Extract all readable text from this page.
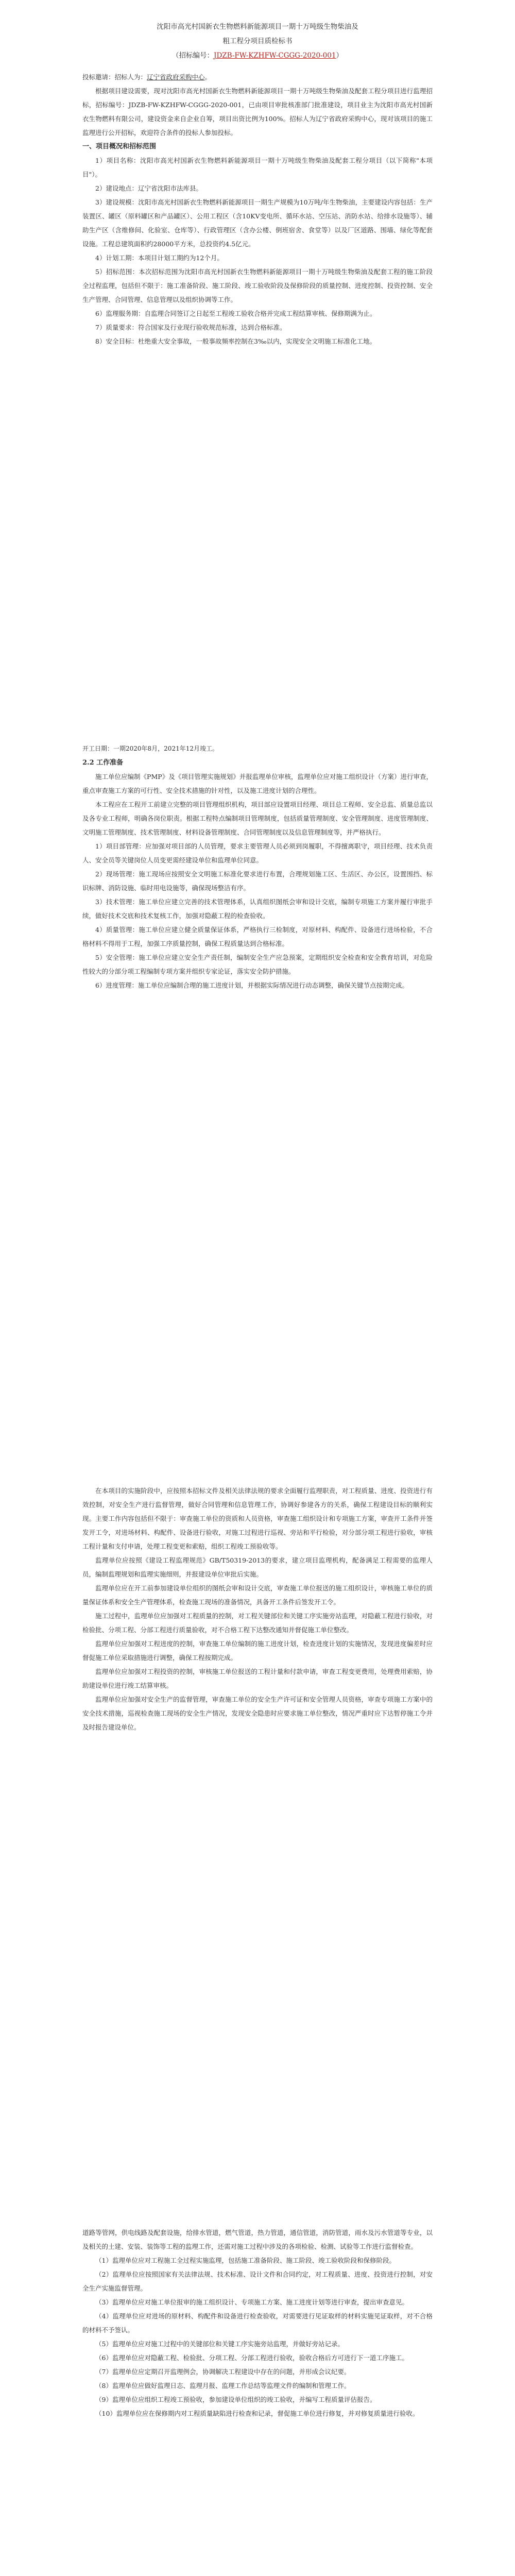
沈阳市高光村国新衣生物燃料新能源项目一期十万吨级生物柴油及

粗工程分项目质检标书

（招标编号：JDZB-FW-KZHFW-CGGG-2020-001）

投标邀请：招标人为：辽宁省政府采购中心。

根据项目建设需要，现对沈阳市高光村国新衣生物燃料新能源项目一期十万吨级生物柴油及配套工程分项目进行监理招标，招标编号：JDZB-FW-KZHFW-CGGG-2020-001，已由项目审批核准部门批准建设，项目业主为沈阳市高光村国新衣生物燃料有限公司，建设资金来自企业自筹，项目出资比例为100%。招标人为辽宁省政府采购中心，现对该项目的施工监理进行公开招标，欢迎符合条件的投标人参加投标。

一、项目概况和招标范围

1）项目名称：沈阳市高光村国新衣生物燃料新能源项目一期十万吨级生物柴油及配套工程分项目（以下简称"本项目"）。

2）建设地点：辽宁省沈阳市法库县。

3）建设规模：沈阳市高光村国新衣生物燃料新能源项目一期生产规模为10万吨/年生物柴油，主要建设内容包括：生产装置区、罐区（原料罐区和产品罐区）、公用工程区（含10KV变电所、循环水站、空压站、消防水站、给排水设施等）、辅助生产区（含维修间、化验室、仓库等）、行政管理区（含办公楼、倒班宿舍、食堂等）以及厂区道路、围墙、绿化等配套设施。工程总建筑面积约28000平方米，总投资约4.5亿元。

4）计划工期：本项目计划工期约为12个月。

5）招标范围：本次招标范围为沈阳市高光村国新衣生物燃料新能源项目一期十万吨级生物柴油及配套工程的施工阶段全过程监理，包括但不限于：施工准备阶段、施工阶段、竣工验收阶段及保修阶段的质量控制、进度控制、投资控制、安全生产管理、合同管理、信息管理以及组织协调等工作。

6）监理服务期：自监理合同签订之日起至工程竣工验收合格并完成工程结算审核、保修期满为止。

7）质量要求：符合国家及行业现行验收规范标准，达到合格标准。

8）安全目标：杜绝重大安全事故，一般事故频率控制在3‰以内，实现安全文明施工标准化工地。

开工日期：一期2020年8月，2021年12月竣工。

2.2 工作准备

施工单位应编制《PMP》及《项目管理实施规划》并报监理单位审核，监理单位应对施工组织设计（方案）进行审查，重点审查施工方案的可行性、安全技术措施的针对性，以及施工进度计划的合理性。

本工程应在工程开工前建立完整的项目管理组织机构，项目部应设置项目经理、项目总工程师、安全总监、质量总监以及各专业工程师，明确各岗位职责。根据工程特点编制项目管理制度，包括质量管理制度、安全管理制度、进度管理制度、文明施工管理制度、技术管理制度、材料设备管理制度、合同管理制度以及信息管理制度等，并严格执行。

1）项目部管理：应加强对项目部的人员管理，要求主要管理人员必须到岗履职，不得擅离职守，项目经理、技术负责人、安全员等关键岗位人员变更需经建设单位和监理单位同意。

2）现场管理：施工现场应按照安全文明施工标准化要求进行布置，合理规划施工区、生活区、办公区，设置围挡、标识标牌、消防设施、临时用电设施等，确保现场整洁有序。

3）技术管理：施工单位应建立完善的技术管理体系，认真组织图纸会审和设计交底，编制专项施工方案并履行审批手续，做好技术交底和技术复核工作，加强对隐蔽工程的检查验收。

4）质量管理：施工单位应建立健全质量保证体系，严格执行三检制度，对原材料、构配件、设备进行进场检验，不合格材料不得用于工程，加强工序质量控制，确保工程质量达到合格标准。

5）安全管理：施工单位应建立安全生产责任制，编制安全生产应急预案，定期组织安全检查和安全教育培训，对危险性较大的分部分项工程编制专项方案并组织专家论证，落实安全防护措施。

6）进度管理：施工单位应编制合理的施工进度计划，并根据实际情况进行动态调整，确保关键节点按期完成。

在本项目的实施阶段中，应按照本招标文件及相关法律法规的要求全面履行监理职责，对工程质量、进度、投资进行有效控制，对安全生产进行监督管理，做好合同管理和信息管理工作，协调好参建各方的关系，确保工程建设目标的顺利实现。主要工作内容包括但不限于：审查施工单位的资质和人员资格，审查施工组织设计和专项施工方案，审查开工条件并签发开工令，对进场材料、构配件、设备进行验收，对施工过程进行巡视、旁站和平行检验，对分部分项工程进行验收，审核工程计量和支付申请，处理工程变更和索赔，组织工程竣工预验收等。

监理单位应按照《建设工程监理规范》GB/T50319-2013的要求，建立项目监理机构，配备满足工程需要的监理人员，编制监理规划和监理实施细则，并报建设单位审批后实施。

监理单位应在开工前参加建设单位组织的图纸会审和设计交底，审查施工单位报送的施工组织设计，审核施工单位的质量保证体系和安全生产管理体系，检查施工现场的准备情况，具备开工条件后签发开工令。

施工过程中，监理单位应加强对工程质量的控制，对工程关键部位和关键工序实施旁站监理，对隐蔽工程进行验收，对检验批、分项工程、分部工程进行质量验收，对不合格工程下达整改通知并督促施工单位整改。

监理单位应加强对工程进度的控制，审查施工单位编制的施工进度计划，检查进度计划的实施情况，发现进度偏差时应督促施工单位采取措施进行调整，确保工程按期完成。

监理单位应加强对工程投资的控制，审核施工单位报送的工程计量和付款申请，审查工程变更费用，处理费用索赔，协助建设单位进行竣工结算审核。

监理单位应加强对安全生产的监督管理，审查施工单位的安全生产许可证和安全管理人员资格，审查专项施工方案中的安全技术措施，巡视检查施工现场的安全生产情况，发现安全隐患时应要求施工单位整改，情况严重时应下达暂停施工令并及时报告建设单位。

道路等管网，供电线路及配套设施，给排水管道，燃气管道，热力管道，通信管道，消防管道，雨水及污水管道等专业，以及相关的土建、安装、装饰等工程的监理工作，还需对施工过程中涉及的各项检验、检测、试验等工作进行监督检查。

（1）监理单位应对工程施工全过程实施监理，包括施工准备阶段、施工阶段、竣工验收阶段和保修阶段。

（2）监理单位应按照国家有关法律法规、技术标准、设计文件和合同约定，对工程质量、进度、投资进行控制，对安全生产实施监督管理。

（3）监理单位应对施工单位报审的施工组织设计、专项施工方案、施工进度计划等进行审查，提出审查意见。

（4）监理单位应对进场的原材料、构配件和设备进行检查验收，对需要进行见证取样的材料实施见证取样，对不合格的材料不予签认。

（5）监理单位应对施工过程中的关键部位和关键工序实施旁站监理，并做好旁站记录。

（6）监理单位应对隐蔽工程、检验批、分项工程、分部工程进行验收，验收合格后方可进行下一道工序施工。

（7）监理单位应定期召开监理例会，协调解决工程建设中存在的问题，并形成会议纪要。

（8）监理单位应做好监理日志、监理月报、监理工作总结等监理文件的编制和管理工作。

（9）监理单位应组织工程竣工预验收，参加建设单位组织的竣工验收，并编写工程质量评估报告。

（10）监理单位应在保修期内对工程质量缺陷进行检查和记录，督促施工单位进行修复，并对修复质量进行验收。
